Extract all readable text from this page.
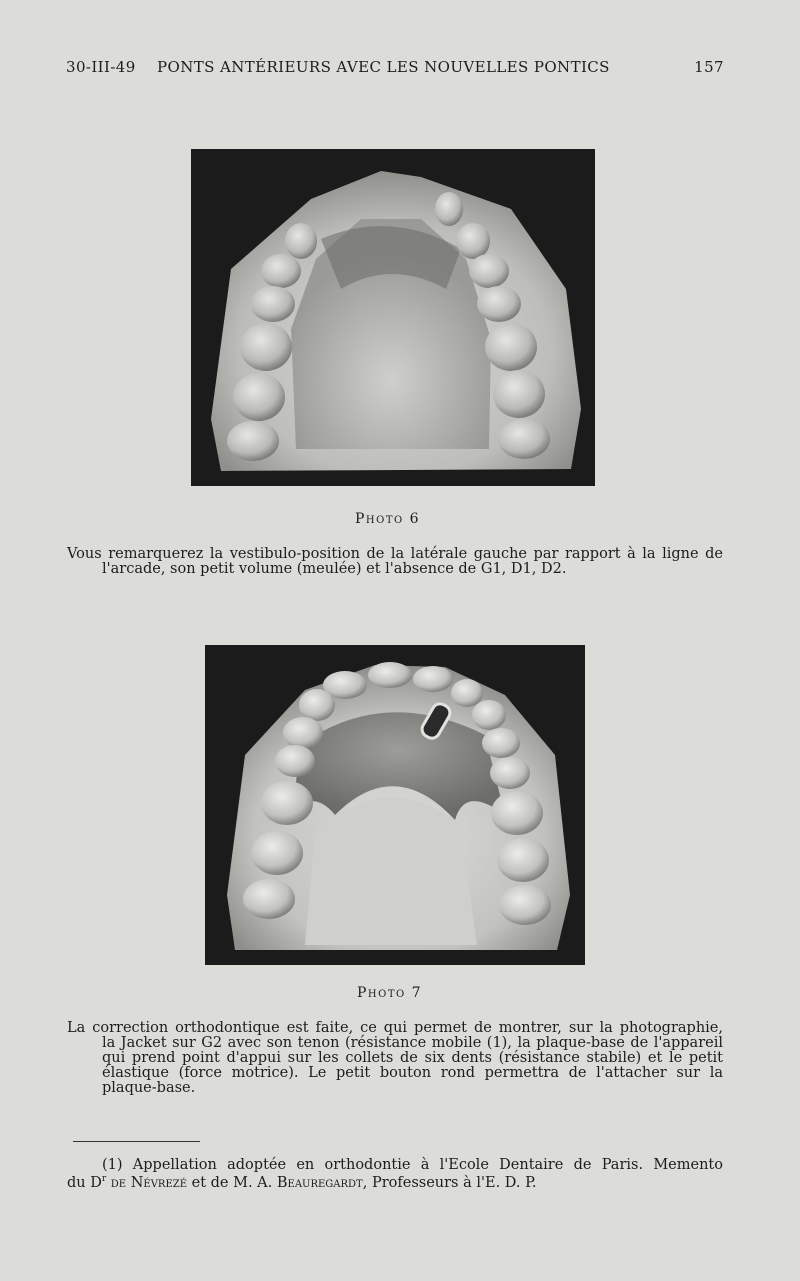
30-III-49 PONTS ANTÉRIEURS AVEC LES NOUVELLES PONTICS	157
Photo 6
Vous remarquerez la vestibulo-position de la latérale gauche par rapport à la ligne de
l'arcade, son petit volume (meulée) et l'absence de G1, D1, D2.
Photo 7
La correction orthodontique est faite, ce qui permet de montrer, sur la photographie,
la Jacket sur G2 avec son tenon (résistance mobile (1), la plaque-base de l'appareil
qui prend point d'appui sur les collets de six dents (résistance stabile) et le petit
élastique (force motrice). Le petit bouton rond permettra de l'attacher sur la
plaque-base.
(1) Appellation adoptée en orthodontie à l'Ecole Dentaire de Paris. Memento
du $D^r$ de Névrezé et de M. A. Beauregardt, Professeurs à l'E. D. P.
